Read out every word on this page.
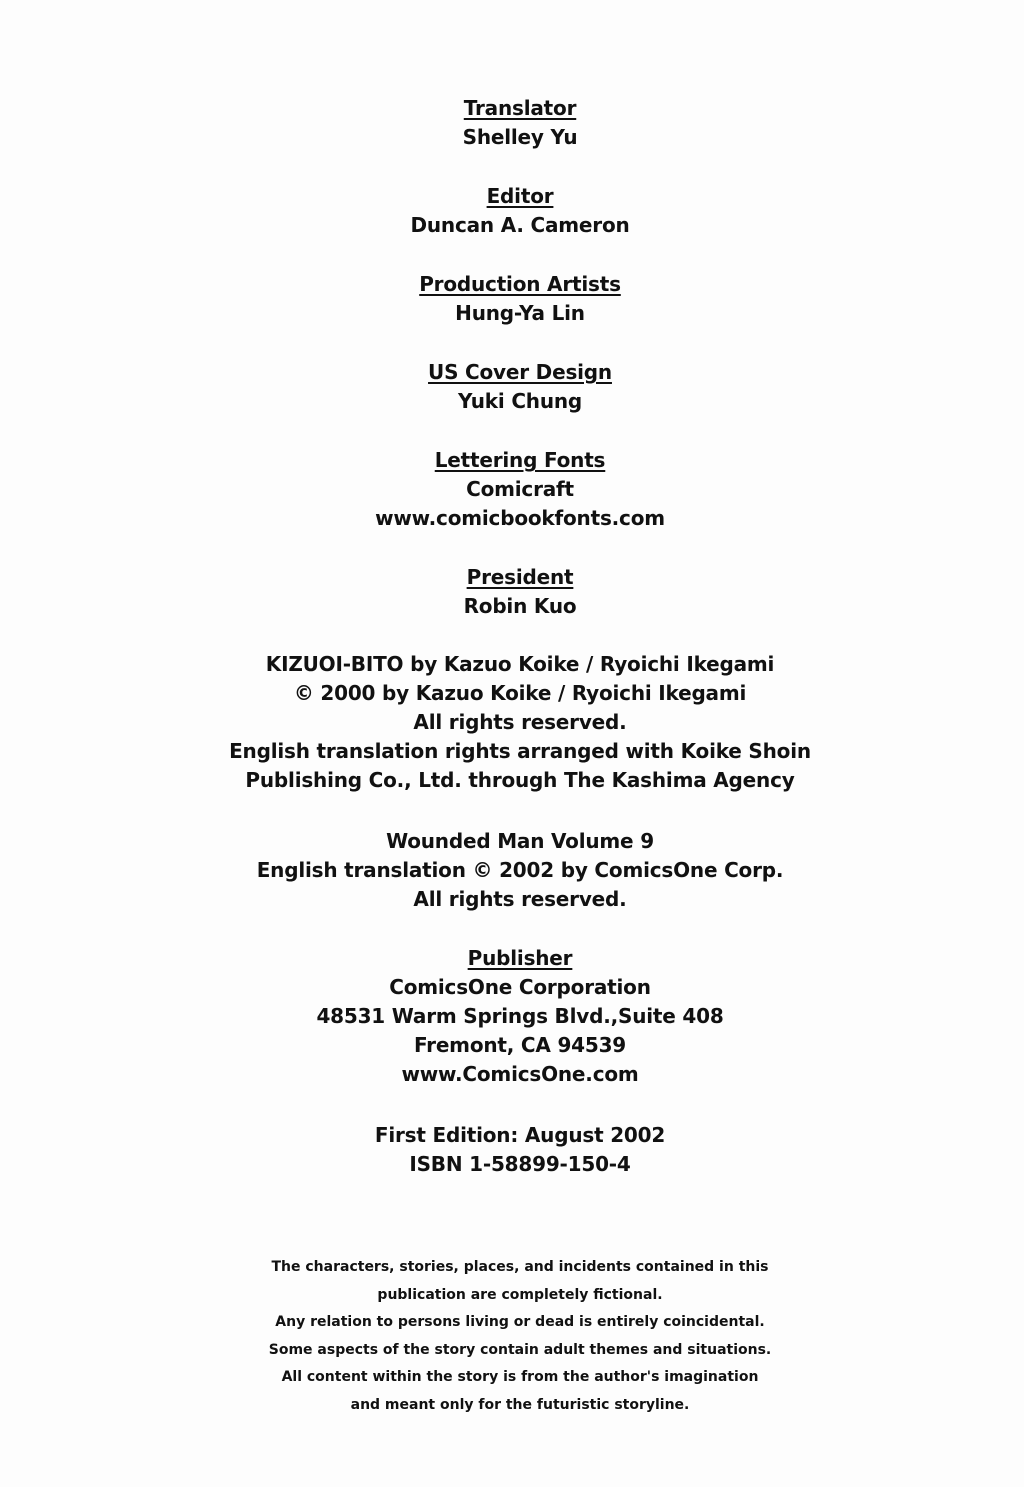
Translator
Shelley Yu
Editor
Duncan A. Cameron
Production Artists
Hung-Ya Lin
US Cover Design
Yuki Chung
Lettering Fonts
Comicraft
www.comicbookfonts.com
President
Robin Kuo
KIZUOI-BITO by Kazuo Koike / Ryoichi Ikegami
© 2000 by Kazuo Koike / Ryoichi Ikegami
All rights reserved.
English translation rights arranged with Koike Shoin
Publishing Co., Ltd. through The Kashima Agency
Wounded Man Volume 9
English translation © 2002 by ComicsOne Corp.
All rights reserved.
Publisher
ComicsOne Corporation
48531 Warm Springs Blvd.,Suite 408
Fremont, CA 94539
www.ComicsOne.com
First Edition: August 2002
ISBN 1-58899-150-4
The characters, stories, places, and incidents contained in this
publication are completely fictional.
Any relation to persons living or dead is entirely coincidental.
Some aspects of the story contain adult themes and situations.
All content within the story is from the author's imagination
and meant only for the futuristic storyline.
